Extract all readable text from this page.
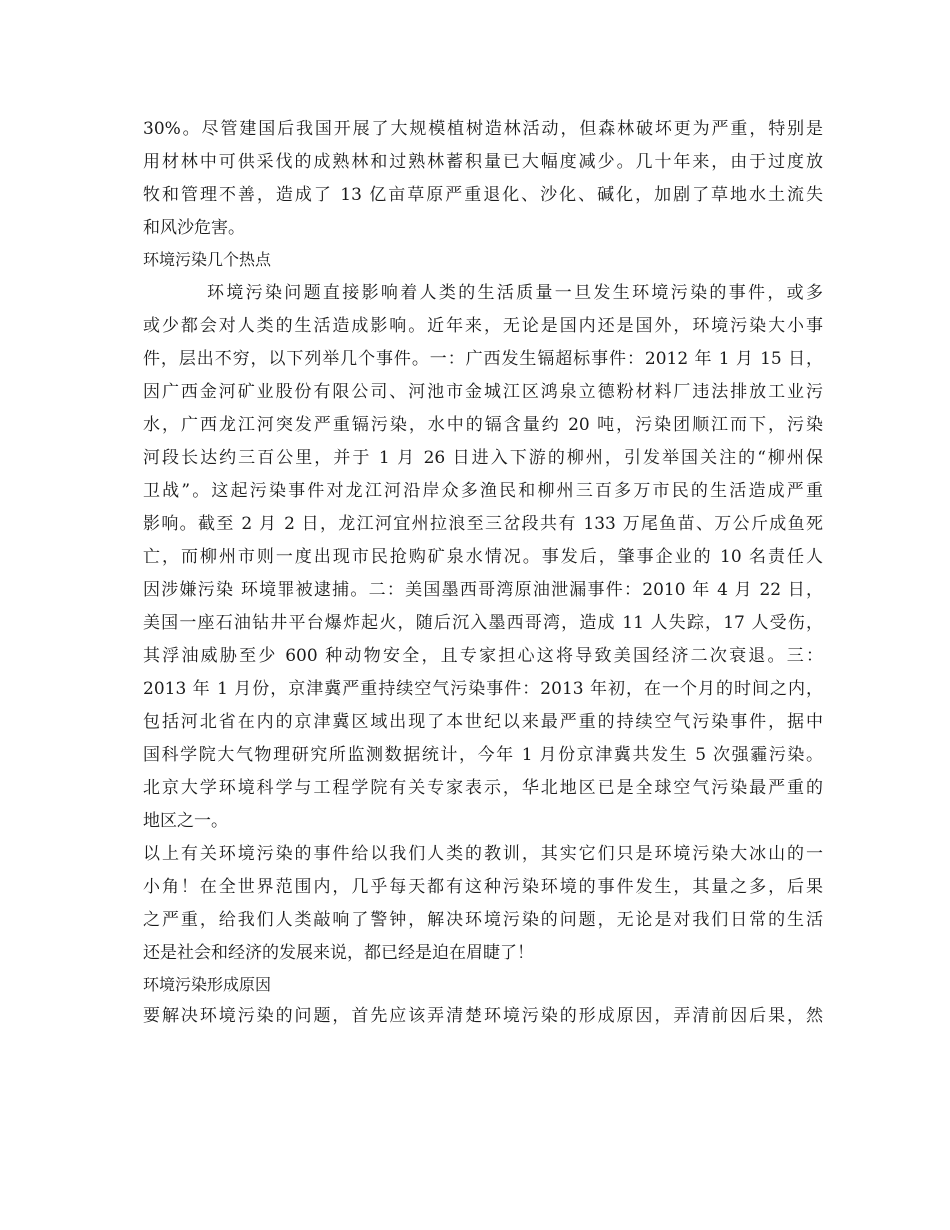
30%。尽管建国后我国开展了大规模植树造林活动，但森林破坏更为严重，特别是
用材林中可供采伐的成熟林和过熟林蓄积量已大幅度减少。几十年来，由于过度放
牧和管理不善，造成了 13 亿亩草原严重退化、沙化、碱化，加剧了草地水土流失
和风沙危害。
环境污染几个热点
环境污染问题直接影响着人类的生活质量一旦发生环境污染的事件，或多
或少都会对人类的生活造成影响。近年来，无论是国内还是国外，环境污染大小事
件，层出不穷，以下列举几个事件。一：广西发生镉超标事件：2012 年 1 月 15 日，
因广西金河矿业股份有限公司、河池市金城江区鸿泉立德粉材料厂违法排放工业污
水，广西龙江河突发严重镉污染，水中的镉含量约 20 吨，污染团顺江而下，污染
河段长达约三百公里，并于 1 月 26 日进入下游的柳州，引发举国关注的“柳州保
卫战”。这起污染事件对龙江河沿岸众多渔民和柳州三百多万市民的生活造成严重
影响。截至 2 月 2 日，龙江河宜州拉浪至三岔段共有 133 万尾鱼苗、万公斤成鱼死
亡，而柳州市则一度出现市民抢购矿泉水情况。事发后，肇事企业的 10 名责任人
因涉嫌污染 环境罪被逮捕。二：美国墨西哥湾原油泄漏事件：2010 年 4 月 22 日，
美国一座石油钻井平台爆炸起火，随后沉入墨西哥湾，造成 11 人失踪，17 人受伤，
其浮油威胁至少 600 种动物安全，且专家担心这将导致美国经济二次衰退。三：
2013 年 1 月份，京津冀严重持续空气污染事件：2013 年初，在一个月的时间之内，
包括河北省在内的京津冀区域出现了本世纪以来最严重的持续空气污染事件，据中
国科学院大气物理研究所监测数据统计，今年 1 月份京津冀共发生 5 次强霾污染。
北京大学环境科学与工程学院有关专家表示，华北地区已是全球空气污染最严重的
地区之一。
以上有关环境污染的事件给以我们人类的教训，其实它们只是环境污染大冰山的一
小角！在全世界范围内，几乎每天都有这种污染环境的事件发生，其量之多，后果
之严重，给我们人类敲响了警钟，解决环境污染的问题，无论是对我们日常的生活
还是社会和经济的发展来说，都已经是迫在眉睫了！
环境污染形成原因
要解决环境污染的问题，首先应该弄清楚环境污染的形成原因，弄清前因后果，然
